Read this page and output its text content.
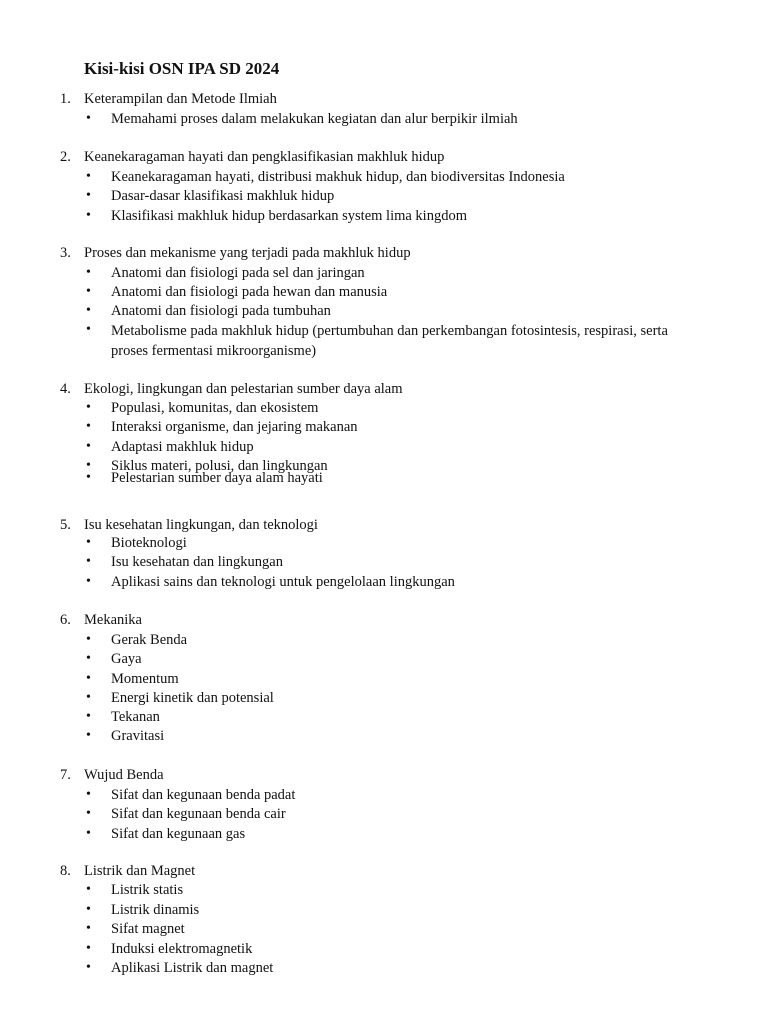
Kisi-kisi OSN IPA SD 2024
1. Keterampilan dan Metode Ilmiah
• Memahami proses dalam melakukan kegiatan dan alur berpikir ilmiah
2. Keanekaragaman hayati dan pengklasifikasian makhluk hidup
• Keanekaragaman hayati, distribusi makhuk hidup, dan biodiversitas Indonesia
• Dasar-dasar klasifikasi makhluk hidup
• Klasifikasi makhluk hidup berdasarkan system lima kingdom
3. Proses dan mekanisme yang terjadi pada makhluk hidup
• Anatomi dan fisiologi pada sel dan jaringan
• Anatomi dan fisiologi pada hewan dan manusia
• Anatomi dan fisiologi pada tumbuhan
• Metabolisme pada makhluk hidup (pertumbuhan dan perkembangan fotosintesis, respirasi, serta proses fermentasi mikroorganisme)
4. Ekologi, lingkungan dan pelestarian sumber daya alam
• Populasi, komunitas, dan ekosistem
• Interaksi organisme, dan jejaring makanan
• Adaptasi makhluk hidup
• Siklus materi, polusi, dan lingkungan
• Pelestarian sumber daya alam hayati
5. Isu kesehatan lingkungan, dan teknologi
• Bioteknologi
• Isu kesehatan dan lingkungan
• Aplikasi sains dan teknologi untuk pengelolaan lingkungan
6. Mekanika
• Gerak Benda
• Gaya
• Momentum
• Energi kinetik dan potensial
• Tekanan
• Gravitasi
7. Wujud Benda
• Sifat dan kegunaan benda padat
• Sifat dan kegunaan benda cair
• Sifat dan kegunaan gas
8. Listrik dan Magnet
• Listrik statis
• Listrik dinamis
• Sifat magnet
• Induksi elektromagnetik
• Aplikasi Listrik dan magnet
